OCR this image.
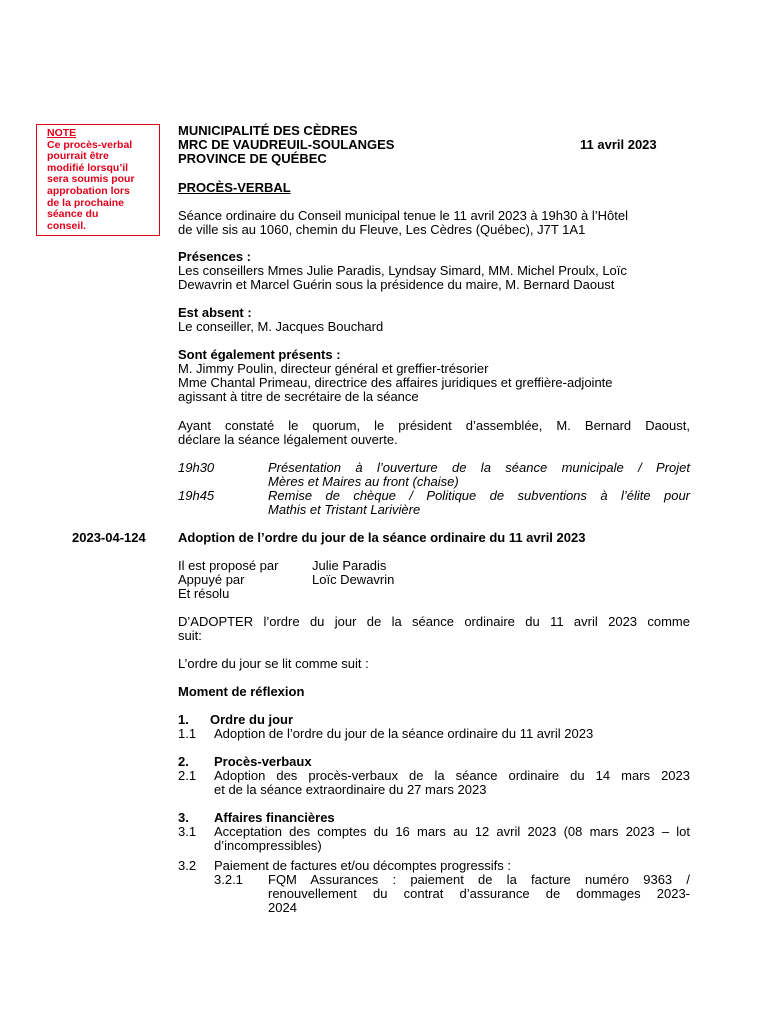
NOTE
Ce procès-verbal
pourrait être
modifié lorsqu’il
sera soumis pour
approbation lors
de la prochaine
séance du
conseil.
MUNICIPALITÉ DES CÈDRES
MRC DE VAUDREUIL-SOULANGES
PROVINCE DE QUÉBEC
11 avril 2023
PROCÈS-VERBAL
Séance ordinaire du Conseil municipal tenue le 11 avril 2023 à 19h30 à l’Hôtel
de ville sis au 1060, chemin du Fleuve, Les Cèdres (Québec), J7T 1A1
Présences :
Les conseillers Mmes Julie Paradis, Lyndsay Simard, MM. Michel Proulx, Loïc
Dewavrin et Marcel Guérin sous la présidence du maire, M. Bernard Daoust
Est absent :
Le conseiller, M. Jacques Bouchard
Sont également présents :
M. Jimmy Poulin, directeur général et greffier-trésorier
Mme Chantal Primeau, directrice des affaires juridiques et greffière-adjointe
agissant à titre de secrétaire de la séance
Ayant constaté le quorum, le président d’assemblée, M. Bernard Daoust,
déclare la séance légalement ouverte.
19h30	Présentation à l’ouverture de la séance municipale / Projet
Mères et Maires au front (chaise)
19h45	Remise de chèque / Politique de subventions à l’élite pour
Mathis et Tristant Larivière
2023-04-124 Adoption de l’ordre du jour de la séance ordinaire du 11 avril 2023
Il est proposé par	Julie Paradis
Appuyé par	Loïc Dewavrin
Et résolu
D’ADOPTER l’ordre du jour de la séance ordinaire du 11 avril 2023 comme
suit:
L’ordre du jour se lit comme suit :
Moment de réflexion
1. Ordre du jour
1.1 Adoption de l’ordre du jour de la séance ordinaire du 11 avril 2023
2. Procès-verbaux
2.1 Adoption des procès-verbaux de la séance ordinaire du 14 mars 2023
et de la séance extraordinaire du 27 mars 2023
3. Affaires financières
3.1 Acceptation des comptes du 16 mars au 12 avril 2023 (08 mars 2023 – lot
d’incompressibles)
3.2 Paiement de factures et/ou décomptes progressifs :
3.2.1 FQM Assurances : paiement de la facture numéro 9363 /
renouvellement du contrat d’assurance de dommages 2023-
2024
